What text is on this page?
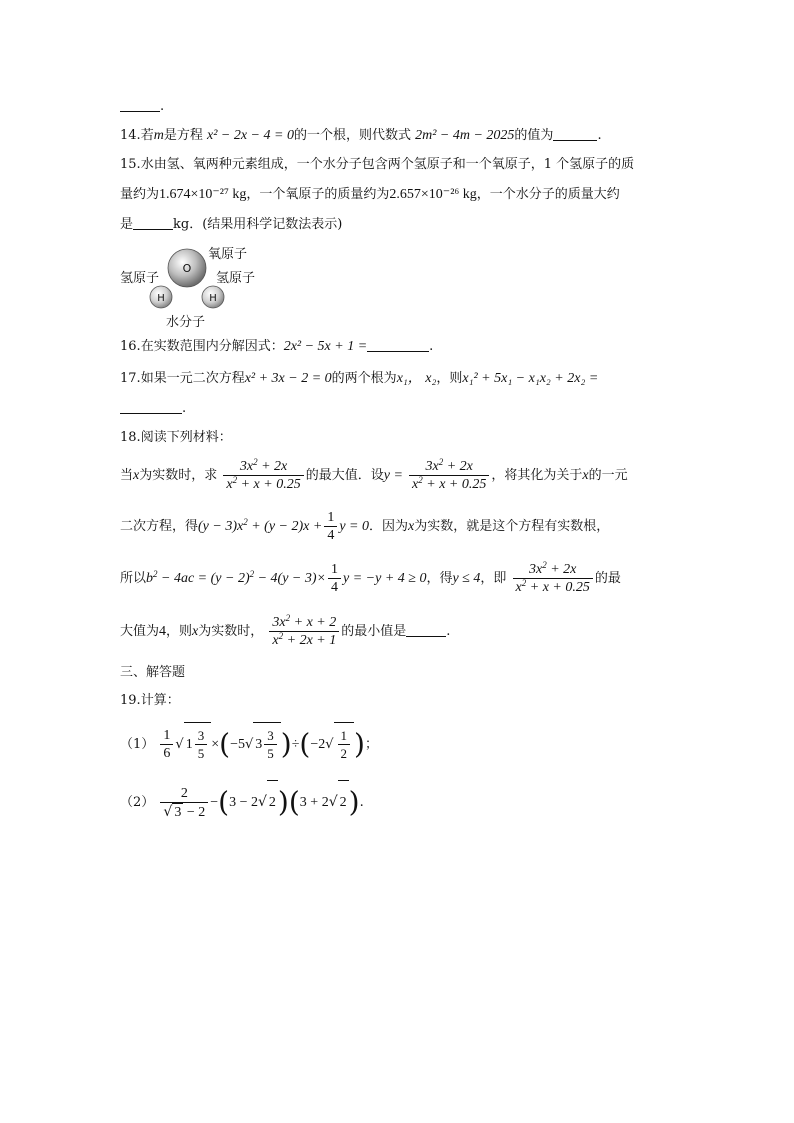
.
14.若m是方程 x² − 2x − 4 = 0的一个根，则代数式 2m² − 4m − 2025的值为	.
15.水由氢、氧两种元素组成，一个水分子包含两个氢原子和一个氧原子，1 个氢原子的质
量约为1.674×10⁻²⁷ kg，一个氧原子的质量约为2.657×10⁻²⁶ kg，一个水分子的质量大约
是	kg．(结果用科学记数法表示)
O
H	H
氧原子
氢原子	氢原子
水分子
16.在实数范围内分解因式：2x² − 5x + 1 =	.
17.如果一元二次方程x² + 3x − 2 = 0的两个根为x₁， x₂，则x₁² + 5x₁ − x₁x₂ + 2x₂ =
.
18.阅读下列材料：
当x为实数时，求 $\frac{3x^2 + 2x}{x^2 + x + 0.25}$ 的最大值．设$y = \frac{3x^2 + 2x}{x^2 + x + 0.25}$ ，将其化为关于x的一元
二次方程，得$(y - 3)x^2 + (y - 2)x + \frac{1}{4}$ y = 0．因为x为实数，就是这个方程有实数根，
所以$b^2 - 4ac = (y - 2)^2 - 4(y - 3)\times \frac{1}{4}$ y = −y + 4 ≥ 0，得y ≤ 4，即 $\frac{3x^2 + 2x}{x^2 + x + 0.25}$ 的最
大值为4，则x为实数时， $\frac{3x^2 + x + 2}{x^2 + 2x + 1}$ 的最小值是	.
三、解答题
19.计算：
$(1) \frac{1}{6}$ √ $1 \frac{3}{5} \times(-5√$ $3 \frac{3}{5} )\div(-2√ \frac{1}{2}$ )；
$(2) \frac{2}{√ 3 - 2} -(3 - 2√$ 2)(3 + 2√ 2).
